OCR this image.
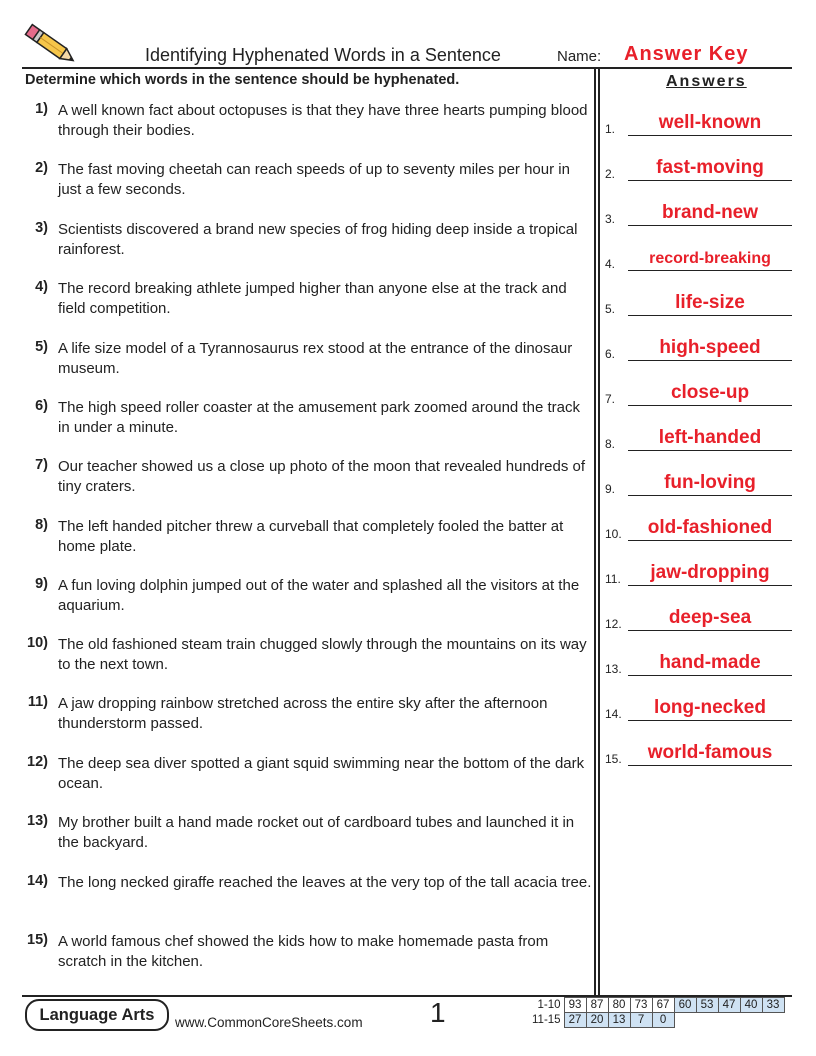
Identifying Hyphenated Words in a Sentence	Name: Answer Key
Determine which words in the sentence should be hyphenated.	Answers
1) A well known fact about octopuses is that they have three hearts pumping blood through their bodies.
2) The fast moving cheetah can reach speeds of up to seventy miles per hour in just a few seconds.
3) Scientists discovered a brand new species of frog hiding deep inside a tropical rainforest.
4) The record breaking athlete jumped higher than anyone else at the track and field competition.
5) A life size model of a Tyrannosaurus rex stood at the entrance of the dinosaur museum.
6) The high speed roller coaster at the amusement park zoomed around the track in under a minute.
7) Our teacher showed us a close up photo of the moon that revealed hundreds of tiny craters.
8) The left handed pitcher threw a curveball that completely fooled the batter at home plate.
9) A fun loving dolphin jumped out of the water and splashed all the visitors at the aquarium.
10) The old fashioned steam train chugged slowly through the mountains on its way to the next town.
11) A jaw dropping rainbow stretched across the entire sky after the afternoon thunderstorm passed.
12) The deep sea diver spotted a giant squid swimming near the bottom of the dark ocean.
13) My brother built a hand made rocket out of cardboard tubes and launched it in the backyard.
14) The long necked giraffe reached the leaves at the very top of the tall acacia tree.
15) A world famous chef showed the kids how to make homemade pasta from scratch in the kitchen.
1.	well-known
2.	fast-moving
3.	brand-new
4.	record-breaking
5.	life-size
6.	high-speed
7.	close-up
8.	left-handed
9.	fun-loving
10.	old-fashioned
11.	jaw-dropping
12.	deep-sea
13.	hand-made
14.	long-necked
15.	world-famous
Language Arts	www.CommonCoreSheets.com 1	1-10	93	87	80	73	67	60	53	47	40	33
11-15	27	20	13	7	0					
